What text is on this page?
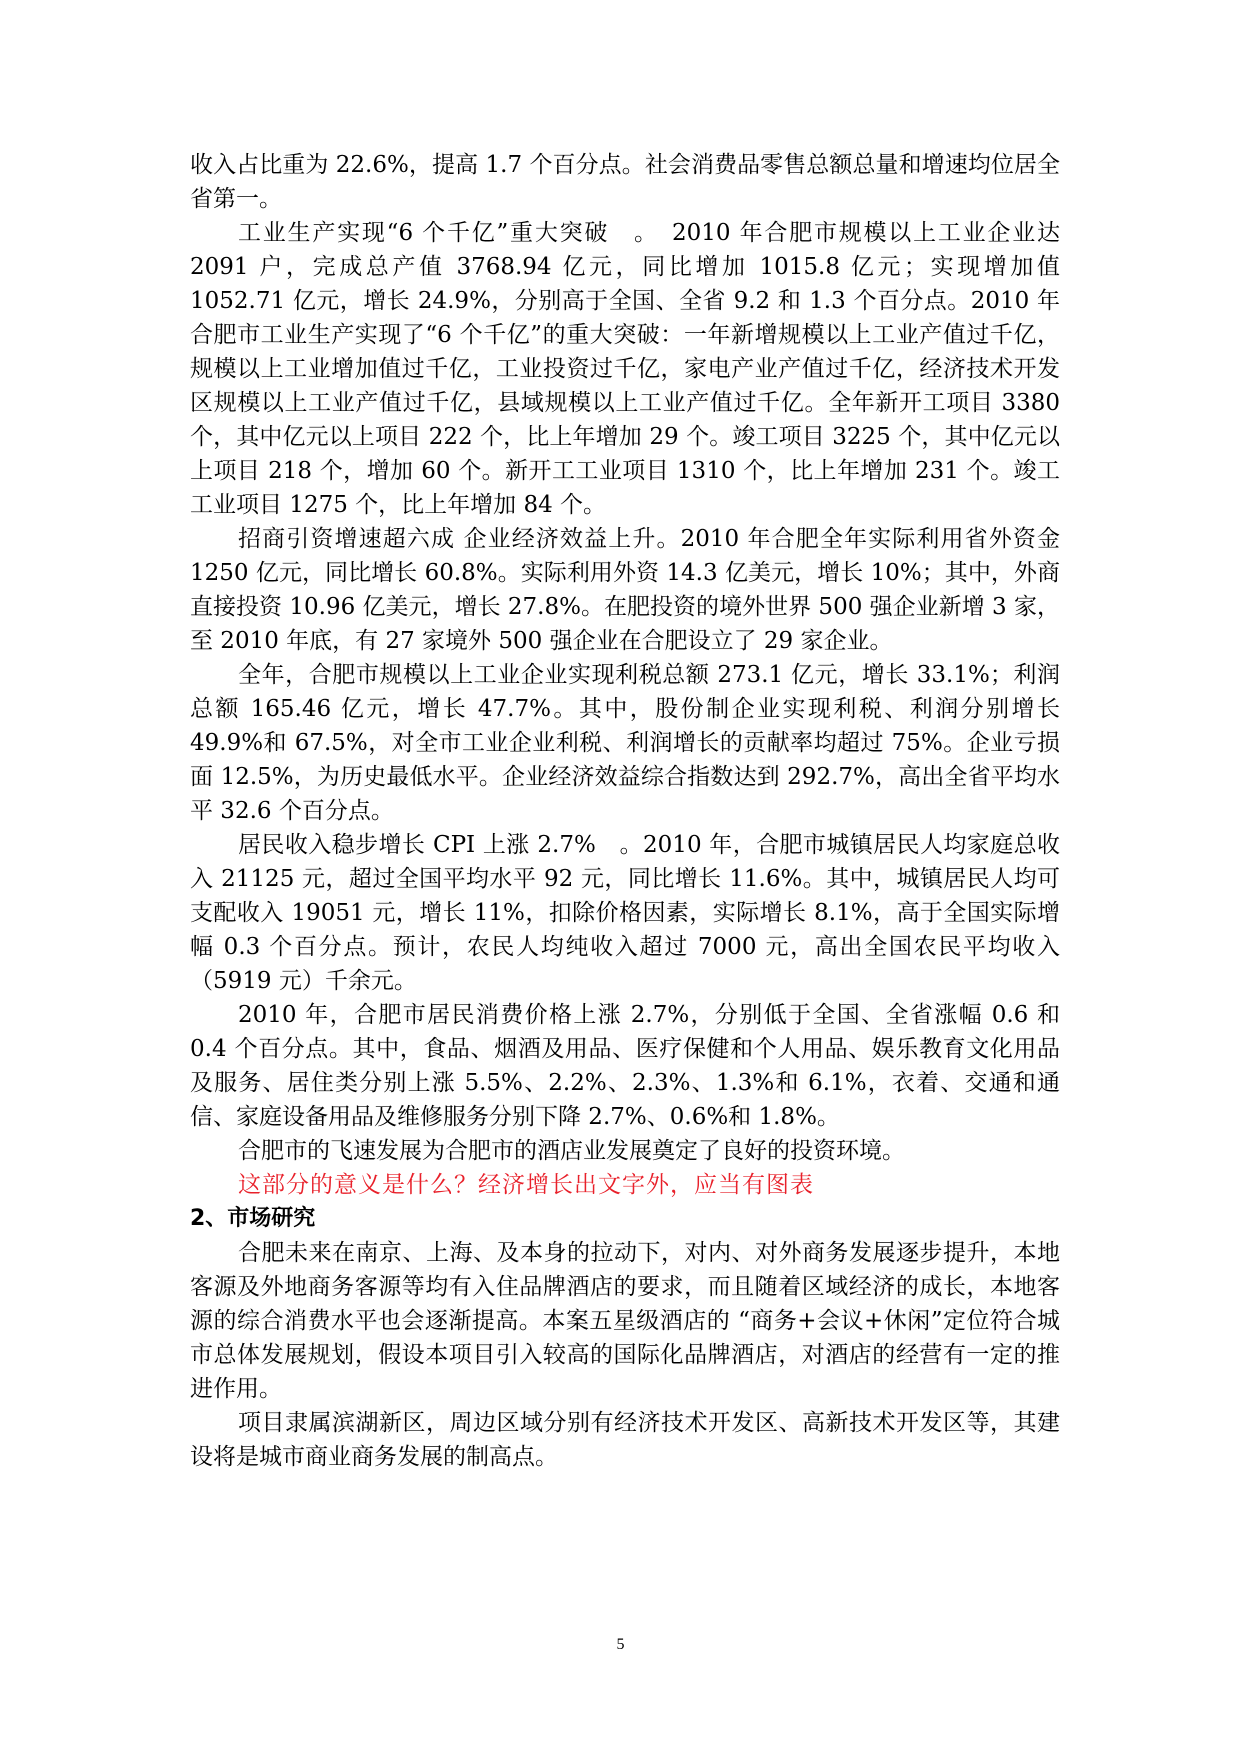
收入占比重为 22.6%，提高 1.7 个百分点。社会消费品零售总额总量和增速均位居全省第一。

工业生产实现“6 个千亿”重大突破　。　2010 年合肥市规模以上工业企业达 2091 户，完成总产值 3768.94 亿元，同比增加 1015.8 亿元；实现增加值 1052.71 亿元，增长 24.9%，分别高于全国、全省 9.2 和 1.3 个百分点。2010 年合肥市工业生产实现了“6 个千亿”的重大突破：一年新增规模以上工业产值过千亿，规模以上工业增加值过千亿，工业投资过千亿，家电产业产值过千亿，经济技术开发区规模以上工业产值过千亿，县域规模以上工业产值过千亿。全年新开工项目 3380 个，其中亿元以上项目 222 个，比上年增加 29 个。竣工项目 3225 个，其中亿元以上项目 218 个，增加 60 个。新开工工业项目 1310 个，比上年增加 231 个。竣工工业项目 1275 个，比上年增加 84 个。

招商引资增速超六成 企业经济效益上升。2010 年合肥全年实际利用省外资金 1250 亿元，同比增长 60.8%。实际利用外资 14.3 亿美元，增长 10%；其中，外商直接投资 10.96 亿美元，增长 27.8%。在肥投资的境外世界 500 强企业新增 3 家，至 2010 年底，有 27 家境外 500 强企业在合肥设立了 29 家企业。

全年，合肥市规模以上工业企业实现利税总额 273.1 亿元，增长 33.1%；利润总额 165.46 亿元，增长 47.7%。其中，股份制企业实现利税、利润分别增长 49.9%和 67.5%，对全市工业企业利税、利润增长的贡献率均超过 75%。企业亏损面 12.5%，为历史最低水平。企业经济效益综合指数达到 292.7%，高出全省平均水平 32.6 个百分点。

居民收入稳步增长 CPI 上涨 2.7%　。2010 年，合肥市城镇居民人均家庭总收入 21125 元，超过全国平均水平 92 元，同比增长 11.6%。其中，城镇居民人均可支配收入 19051 元，增长 11%，扣除价格因素，实际增长 8.1%，高于全国实际增幅 0.3 个百分点。预计，农民人均纯收入超过 7000 元，高出全国农民平均收入（5919 元）千余元。

2010 年，合肥市居民消费价格上涨 2.7%，分别低于全国、全省涨幅 0.6 和 0.4 个百分点。其中，食品、烟酒及用品、医疗保健和个人用品、娱乐教育文化用品及服务、居住类分别上涨 5.5%、2.2%、2.3%、1.3%和 6.1%，衣着、交通和通信、家庭设备用品及维修服务分别下降 2.7%、0.6%和 1.8%。

合肥市的飞速发展为合肥市的酒店业发展奠定了良好的投资环境。

这部分的意义是什么？经济增长出文字外，应当有图表

2、市场研究

合肥未来在南京、上海、及本身的拉动下，对内、对外商务发展逐步提升，本地客源及外地商务客源等均有入住品牌酒店的要求，而且随着区域经济的成长，本地客源的综合消费水平也会逐渐提高。本案五星级酒店的 “商务+会议+休闲”定位符合城市总体发展规划，假设本项目引入较高的国际化品牌酒店，对酒店的经营有一定的推进作用。

项目隶属滨湖新区，周边区域分别有经济技术开发区、高新技术开发区等，其建设将是城市商业商务发展的制高点。

5
